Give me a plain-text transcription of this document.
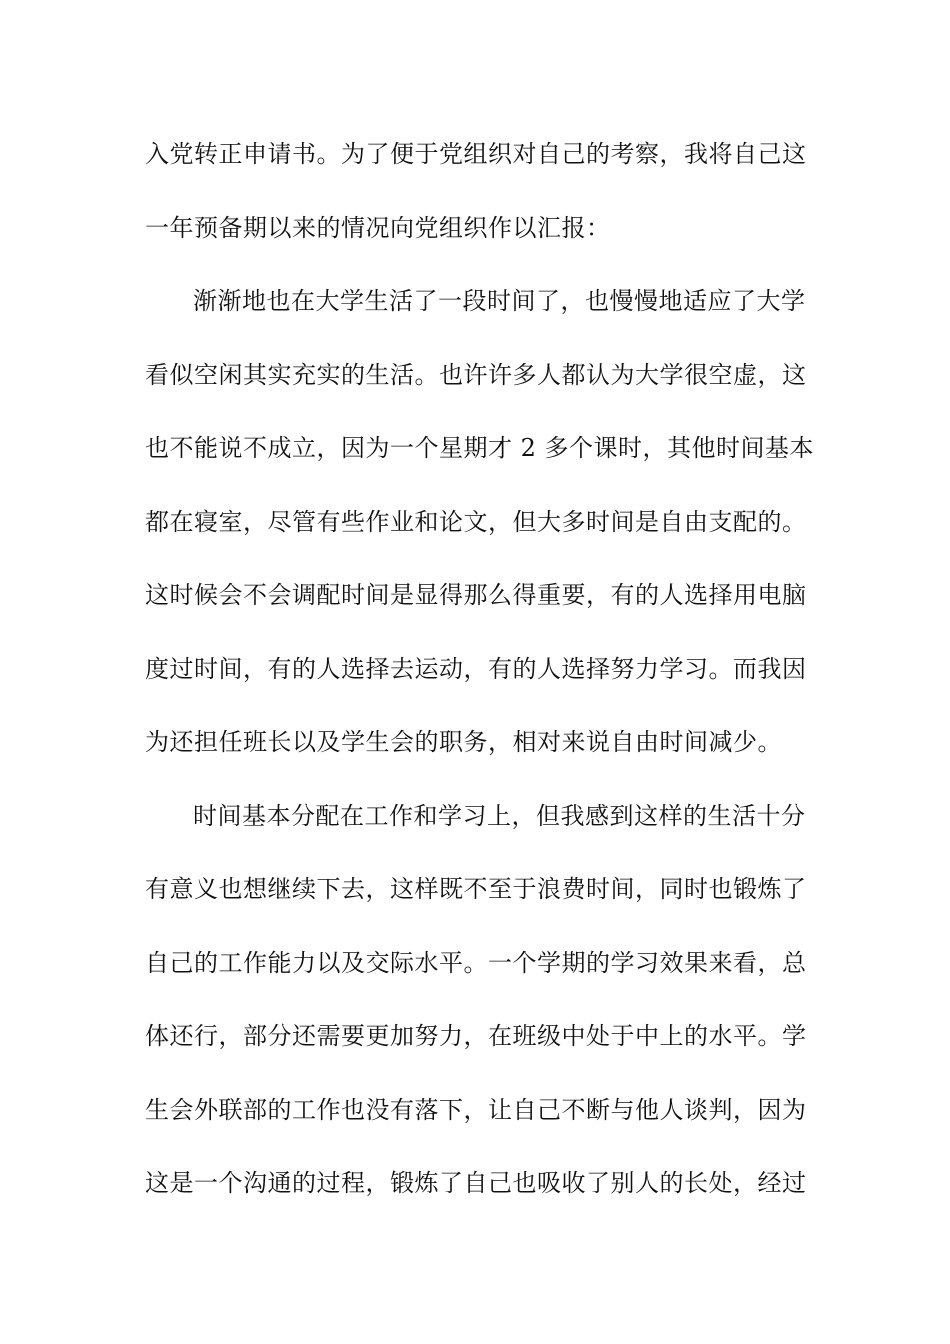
入党转正申请书。为了便于党组织对自己的考察，我将自己这
一年预备期以来的情况向党组织作以汇报：
渐渐地也在大学生活了一段时间了，也慢慢地适应了大学
看似空闲其实充实的生活。也许许多人都认为大学很空虚，这
也不能说不成立，因为一个星期才 2 多个课时，其他时间基本
都在寝室，尽管有些作业和论文，但大多时间是自由支配的。
这时候会不会调配时间是显得那么得重要，有的人选择用电脑
度过时间，有的人选择去运动，有的人选择努力学习。而我因
为还担任班长以及学生会的职务，相对来说自由时间减少。
时间基本分配在工作和学习上，但我感到这样的生活十分
有意义也想继续下去，这样既不至于浪费时间，同时也锻炼了
自己的工作能力以及交际水平。一个学期的学习效果来看，总
体还行，部分还需要更加努力，在班级中处于中上的水平。学
生会外联部的工作也没有落下，让自己不断与他人谈判，因为
这是一个沟通的过程，锻炼了自己也吸收了别人的长处，经过
